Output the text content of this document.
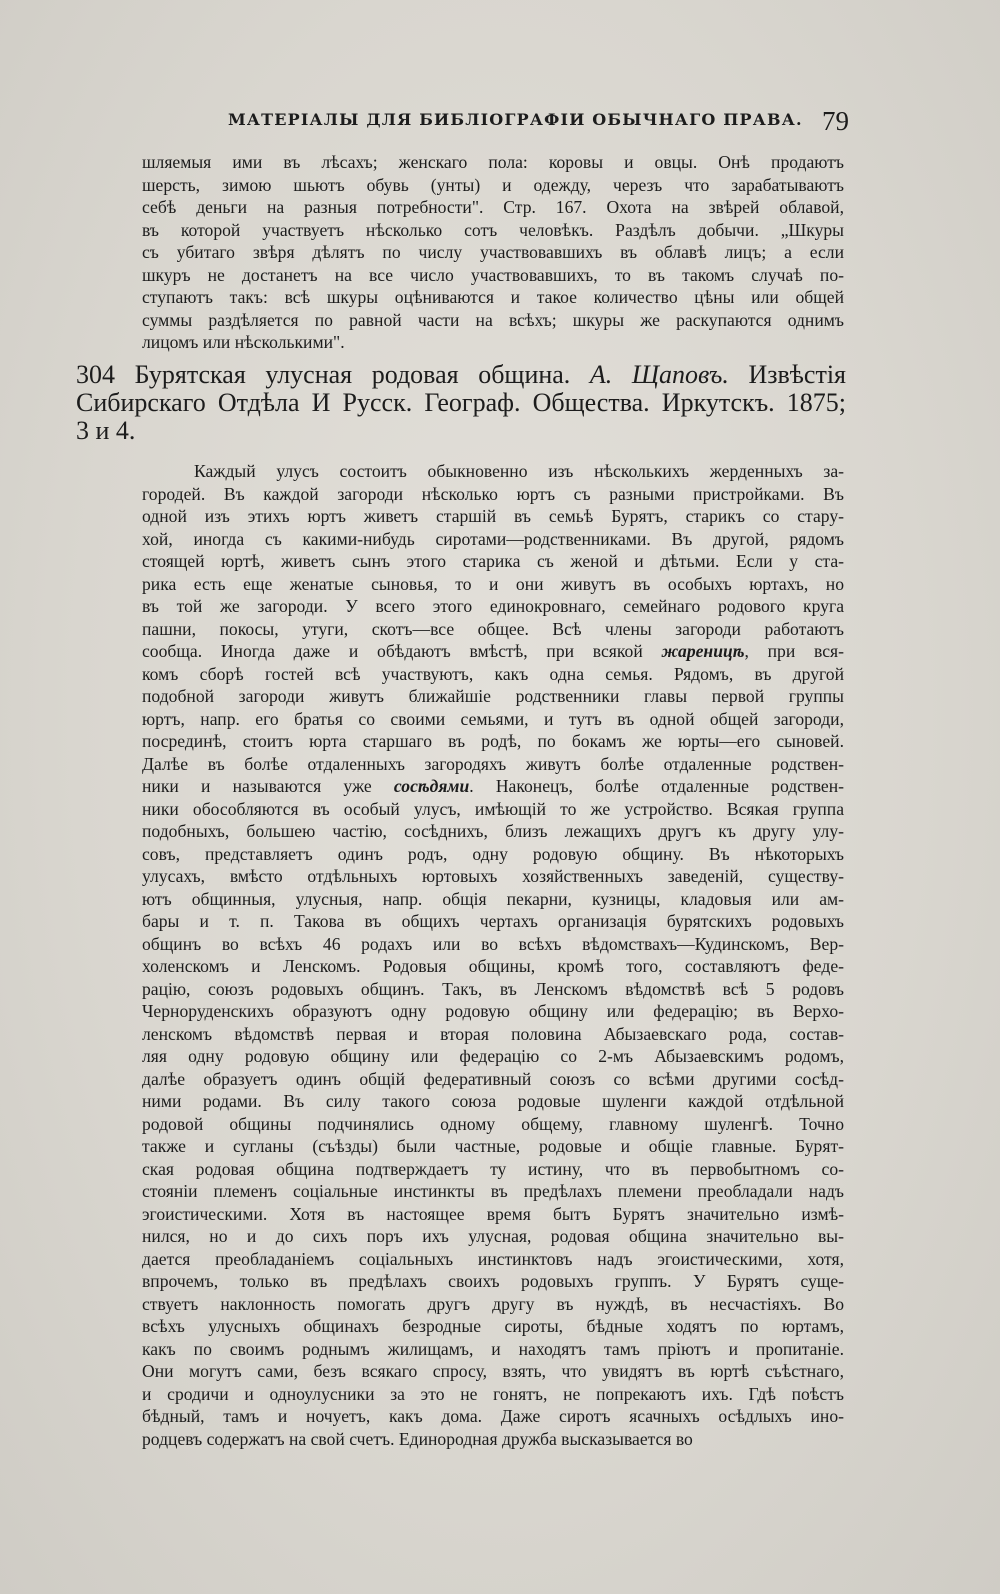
МАТЕРІАЛЫ ДЛЯ БИБЛІОГРАФІИ ОБЫЧНАГО ПРАВА. 79
шляемыя ими въ лѣсахъ; женскаго пола: коровы и овцы. Онѣ продаютъ
шерсть, зимою шьютъ обувь (унты) и одежду, черезъ что зарабатываютъ
себѣ деньги на разныя потребности". Стр. 167. Охота на звѣрей облавой,
въ которой участвуетъ нѣсколько сотъ человѣкъ. Раздѣлъ добычи. „Шкуры
съ убитаго звѣря дѣлятъ по числу участвовавшихъ въ облавѣ лицъ; а если
шкуръ не достанетъ на все число участвовавшихъ, то въ такомъ случаѣ по-
ступаютъ такъ: всѣ шкуры оцѣниваются и такое количество цѣны или общей
суммы раздѣляется по равной части на всѣхъ; шкуры же раскупаются однимъ
лицомъ или нѣсколькими".
304 Бурятская улусная родовая община. А. Щаповъ. Извѣстія
Сибирскаго Отдѣла И Русск. Географ. Общества. Иркутскъ. 1875;
3 и 4.
Каждый улусъ состоитъ обыкновенно изъ нѣсколькихъ жерденныхъ за-
городей. Въ каждой загороди нѣсколько юртъ съ разными пристройками. Въ
одной изъ этихъ юртъ живетъ старшій въ семьѣ Бурятъ, старикъ со стару-
хой, иногда съ какими-нибудь сиротами—родственниками. Въ другой, рядомъ
стоящей юртѣ, живетъ сынъ этого старика съ женой и дѣтьми. Если у ста-
рика есть еще женатые сыновья, то и они живутъ въ особыхъ юртахъ, но
въ той же загороди. У всего этого единокровнаго, семейнаго родового круга
пашни, покосы, утуги, скотъ—все общее. Всѣ члены загороди работаютъ
сообща. Иногда даже и обѣдаютъ вмѣстѣ, при всякой жареницѣ, при вся-
комъ сборѣ гостей всѣ участвуютъ, какъ одна семья. Рядомъ, въ другой
подобной загороди живутъ ближайшіе родственники главы первой группы
юртъ, напр. его братья со своими семьями, и тутъ въ одной общей загороди,
посрединѣ, стоитъ юрта старшаго въ родѣ, по бокамъ же юрты—его сыновей.
Далѣе въ болѣе отдаленныхъ загородяхъ живутъ болѣе отдаленные родствен-
ники и называются уже сосѣдями. Наконецъ, болѣе отдаленные родствен-
ники обособляются въ особый улусъ, имѣющій то же устройство. Всякая группа
подобныхъ, большею частію, сосѣднихъ, близъ лежащихъ другъ къ другу улу-
совъ, представляетъ одинъ родъ, одну родовую общину. Въ нѣкоторыхъ
улусахъ, вмѣсто отдѣльныхъ юртовыхъ хозяйственныхъ заведеній, существу-
ютъ общинныя, улусныя, напр. общія пекарни, кузницы, кладовыя или ам-
бары и т. п. Такова въ общихъ чертахъ организація бурятскихъ родовыхъ
общинъ во всѣхъ 46 родахъ или во всѣхъ вѣдомствахъ—Кудинскомъ, Вер-
холенскомъ и Ленскомъ. Родовыя общины, кромѣ того, составляютъ феде-
рацію, союзъ родовыхъ общинъ. Такъ, въ Ленскомъ вѣдомствѣ всѣ 5 родовъ
Черноруденскихъ образуютъ одну родовую общину или федерацію; въ Верхо-
ленскомъ вѣдомствѣ первая и вторая половина Абызаевскаго рода, состав-
ляя одну родовую общину или федерацію со 2-мъ Абызаевскимъ родомъ,
далѣе образуетъ одинъ общій федеративный союзъ со всѣми другими сосѣд-
ними родами. Въ силу такого союза родовые шуленги каждой отдѣльной
родовой общины подчинялись одному общему, главному шуленгѣ. Точно
также и сугланы (съѣзды) были частные, родовые и общіе главные. Бурят-
ская родовая община подтверждаетъ ту истину, что въ первобытномъ со-
стояніи племенъ соціальные инстинкты въ предѣлахъ племени преобладали надъ
эгоистическими. Хотя въ настоящее время бытъ Бурятъ значительно измѣ-
нился, но и до сихъ поръ ихъ улусная, родовая община значительно вы-
дается преобладаніемъ соціальныхъ инстинктовъ надъ эгоистическими, хотя,
впрочемъ, только въ предѣлахъ своихъ родовыхъ группъ. У Бурятъ суще-
ствуетъ наклонность помогать другъ другу въ нуждѣ, въ несчастіяхъ. Во
всѣхъ улусныхъ общинахъ безродные сироты, бѣдные ходятъ по юртамъ,
какъ по своимъ роднымъ жилищамъ, и находятъ тамъ пріютъ и пропитаніе.
Они могутъ сами, безъ всякаго спросу, взять, что увидятъ въ юртѣ съѣстнаго,
и сродичи и одноулусники за это не гонятъ, не попрекаютъ ихъ. Гдѣ поѣстъ
бѣдный, тамъ и ночуетъ, какъ дома. Даже сиротъ ясачныхъ осѣдлыхъ ино-
родцевъ содержатъ на свой счетъ. Единородная дружба высказывается во
